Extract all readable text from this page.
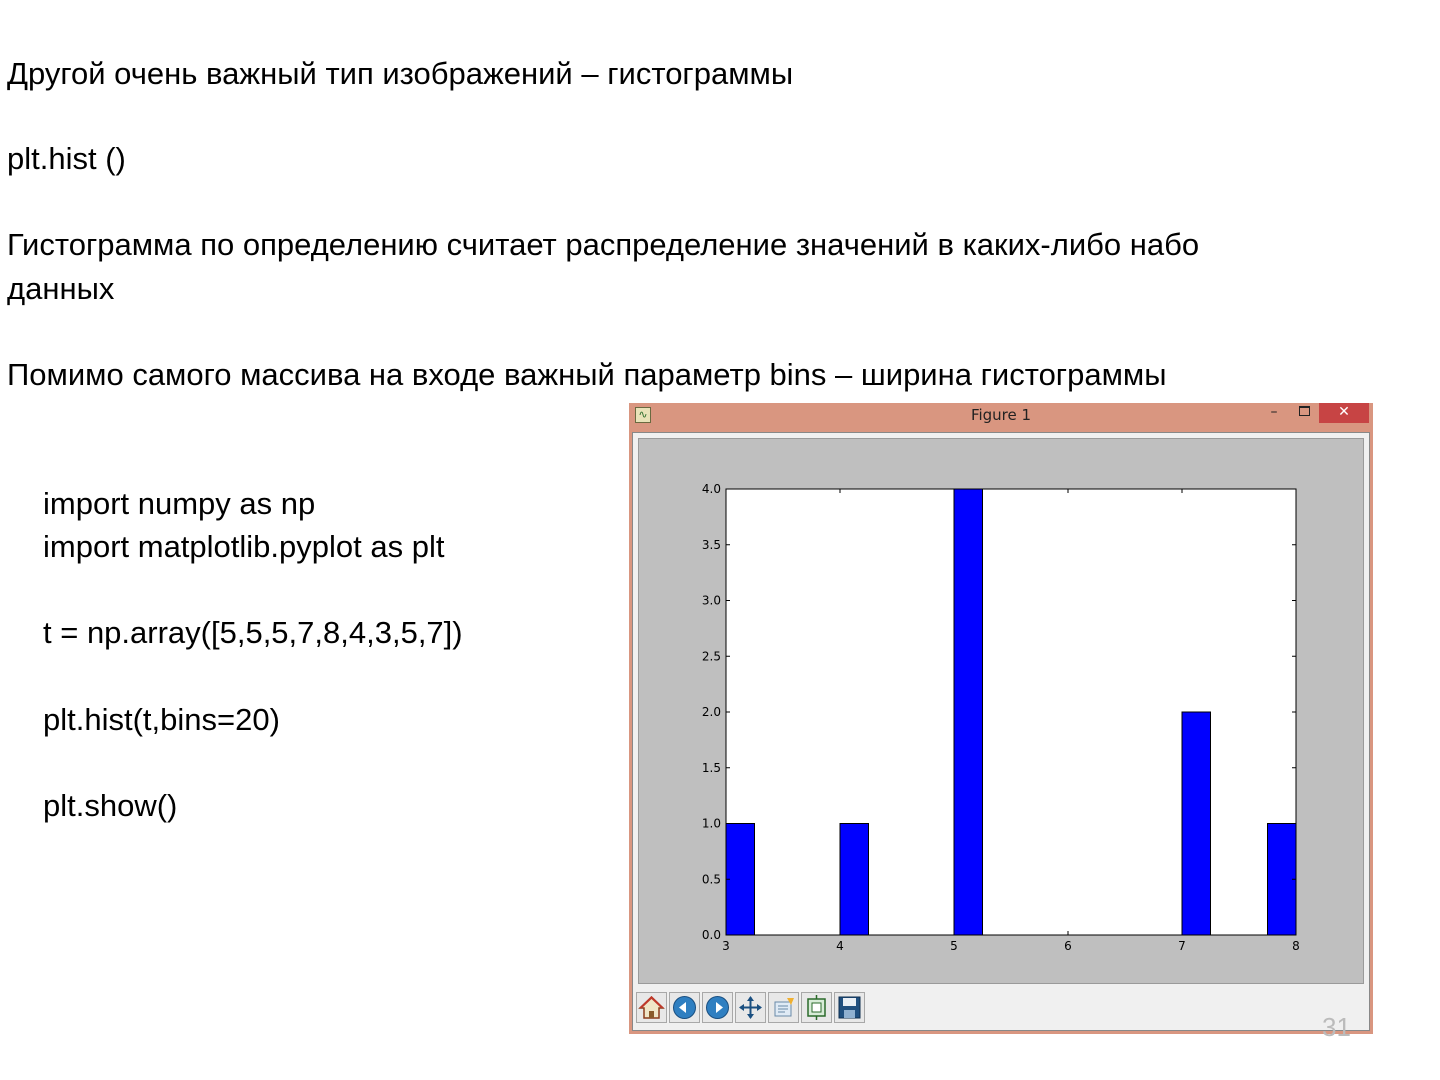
Другой очень важный тип изображений – гистограммы

plt.hist ()

Гистограмма по определению считает распределение значений в каких-либо набо

данных

Помимо самого массива на входе важный параметр bins – ширина гистограммы

import numpy as np

import matplotlib.pyplot as plt

t = np.array([5,5,5,7,8,4,3,5,7])

plt.hist(t,bins=20)

plt.show()

∿	Figure 1	–	✕
3	4	5	6	7	8
0.0
0.5
1.0
1.5
2.0
2.5
3.0
3.5
4.0
31
